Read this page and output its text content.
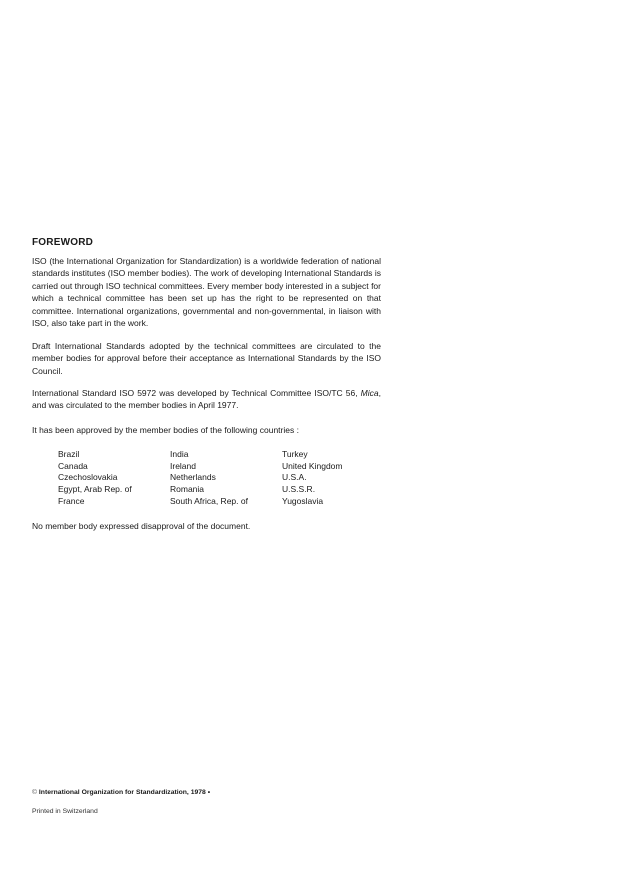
FOREWORD

ISO (the International Organization for Standardization) is a worldwide federation of national standards institutes (ISO member bodies). The work of developing International Standards is carried out through ISO technical committees. Every member body interested in a subject for which a technical committee has been set up has the right to be represented on that committee. International organizations, governmental and non-governmental, in liaison with ISO, also take part in the work.

Draft International Standards adopted by the technical committees are circulated to the member bodies for approval before their acceptance as International Standards by the ISO Council.

International Standard ISO 5972 was developed by Technical Committee ISO/TC 56, Mica, and was circulated to the member bodies in April 1977.

It has been approved by the member bodies of the following countries :

Brazil
Canada
Czechoslovakia
Egypt, Arab Rep. of
France
India
Ireland
Netherlands
Romania
South Africa, Rep. of
Turkey
United Kingdom
U.S.A.
U.S.S.R.
Yugoslavia

No member body expressed disapproval of the document.

© International Organization for Standardization, 1978 •
Printed in Switzerland
